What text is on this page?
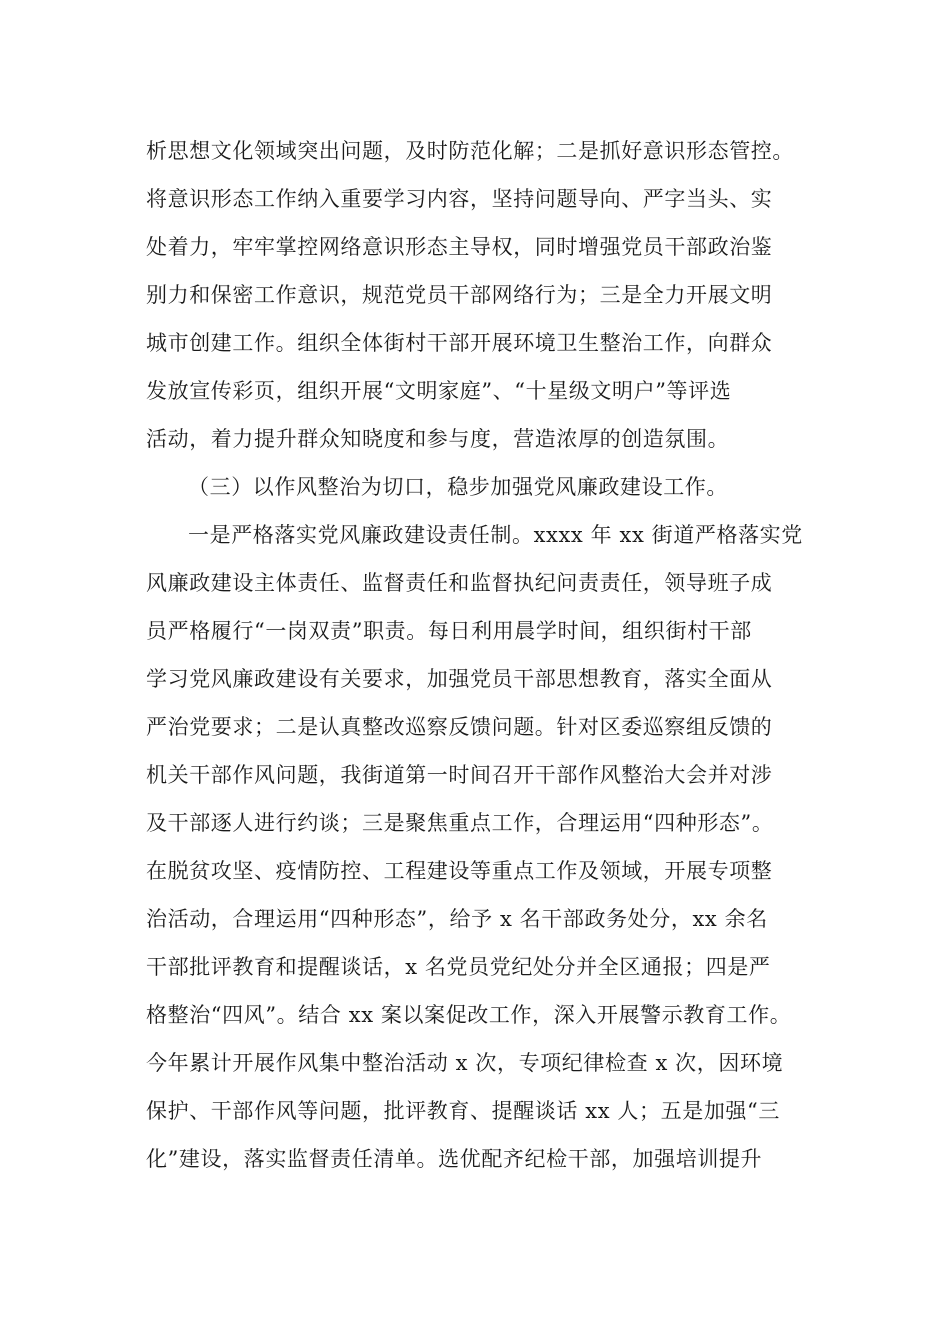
析思想文化领域突出问题，及时防范化解；二是抓好意识形态管控。
将意识形态工作纳入重要学习内容，坚持问题导向、严字当头、实
处着力，牢牢掌控网络意识形态主导权，同时增强党员干部政治鉴
别力和保密工作意识，规范党员干部网络行为；三是全力开展文明
城市创建工作。组织全体街村干部开展环境卫生整治工作，向群众
发放宣传彩页，组织开展“文明家庭”、“十星级文明户”等评选
活动，着力提升群众知晓度和参与度，营造浓厚的创造氛围。
（三）以作风整治为切口，稳步加强党风廉政建设工作。
一是严格落实党风廉政建设责任制。xxxx 年 xx 街道严格落实党
风廉政建设主体责任、监督责任和监督执纪问责责任，领导班子成
员严格履行“一岗双责”职责。每日利用晨学时间，组织街村干部
学习党风廉政建设有关要求，加强党员干部思想教育，落实全面从
严治党要求；二是认真整改巡察反馈问题。针对区委巡察组反馈的
机关干部作风问题，我街道第一时间召开干部作风整治大会并对涉
及干部逐人进行约谈；三是聚焦重点工作，合理运用“四种形态”。
在脱贫攻坚、疫情防控、工程建设等重点工作及领域，开展专项整
治活动，合理运用“四种形态”，给予 x 名干部政务处分，xx 余名
干部批评教育和提醒谈话，x 名党员党纪处分并全区通报；四是严
格整治“四风”。结合 xx 案以案促改工作，深入开展警示教育工作。
今年累计开展作风集中整治活动 x 次，专项纪律检查 x 次，因环境
保护、干部作风等问题，批评教育、提醒谈话 xx 人；五是加强“三
化”建设，落实监督责任清单。选优配齐纪检干部，加强培训提升
